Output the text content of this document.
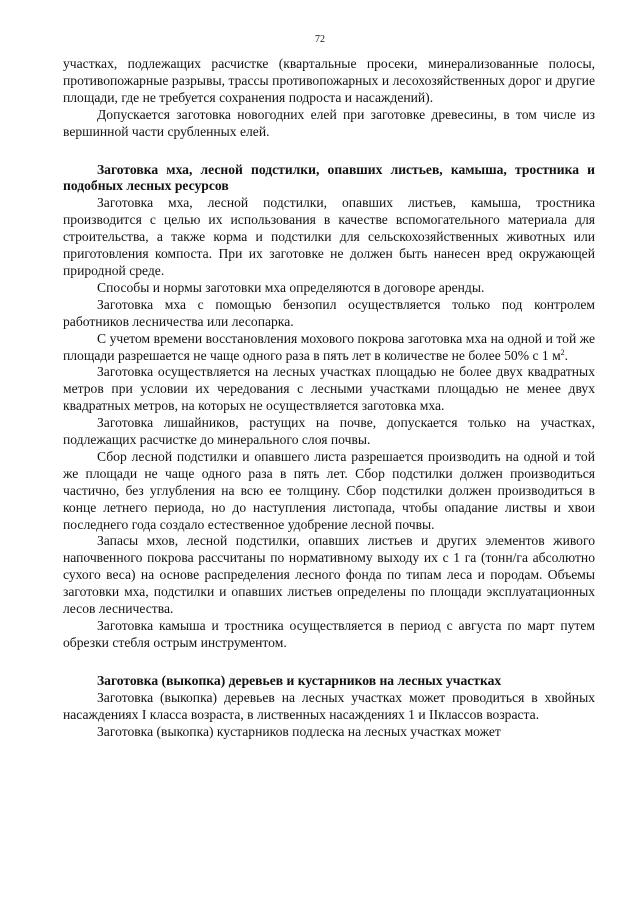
72

участках, подлежащих расчистке (квартальные просеки, минерализованные полосы, противопожарные разрывы, трассы противопожарных и лесохозяйственных дорог и другие площади, где не требуется сохранения подроста и насаждений).

Допускается заготовка новогодних елей при заготовке древесины, в том числе из вершинной части срубленных елей.

Заготовка мха, лесной подстилки, опавших листьев, камыша, тростника и подобных лесных ресурсов

Заготовка мха, лесной подстилки, опавших листьев, камыша, тростника производится с целью их использования в качестве вспомогательного материала для строительства, а также корма и подстилки для сельскохозяйственных животных или приготовления компоста. При их заготовке не должен быть нанесен вред окружающей природной среде.

Способы и нормы заготовки мха определяются в договоре аренды.

Заготовка мха с помощью бензопил осуществляется только под контролем работников лесничества или лесопарка.

С учетом времени восстановления мохового покрова заготовка мха на одной и той же площади разрешается не чаще одного раза в пять лет в количестве не более 50% с 1 $м^2$.

Заготовка осуществляется на лесных участках площадью не более двух квадратных метров при условии их чередования с лесными участками площадью не менее двух квадратных метров, на которых не осуществляется заготовка мха.

Заготовка лишайников, растущих на почве, допускается только на участках, подлежащих расчистке до минерального слоя почвы.

Сбор лесной подстилки и опавшего листа разрешается производить на одной и той же площади не чаще одного раза в пять лет. Сбор подстилки должен производиться частично, без углубления на всю ее толщину. Сбор подстилки должен производиться в конце летнего периода, но до наступления листопада, чтобы опадание листвы и хвои последнего года создало естественное удобрение лесной почвы.

Запасы мхов, лесной подстилки, опавших листьев и других элементов живого напочвенного покрова рассчитаны по нормативному выходу их с 1 га (тонн/га абсолютно сухого веса) на основе распределения лесного фонда по типам леса и породам. Объемы заготовки мха, подстилки и опавших листьев определены по площади эксплуатационных лесов лесничества.

Заготовка камыша и тростника осуществляется в период с августа по март путем обрезки стебля острым инструментом.

Заготовка (выкопка) деревьев и кустарников на лесных участках

Заготовка (выкопка) деревьев на лесных участках может проводиться в хвойных насаждениях I класса возраста, в лиственных насаждениях 1 и IIклассов возраста.

Заготовка (выкопка) кустарников подлеска на лесных участках может
